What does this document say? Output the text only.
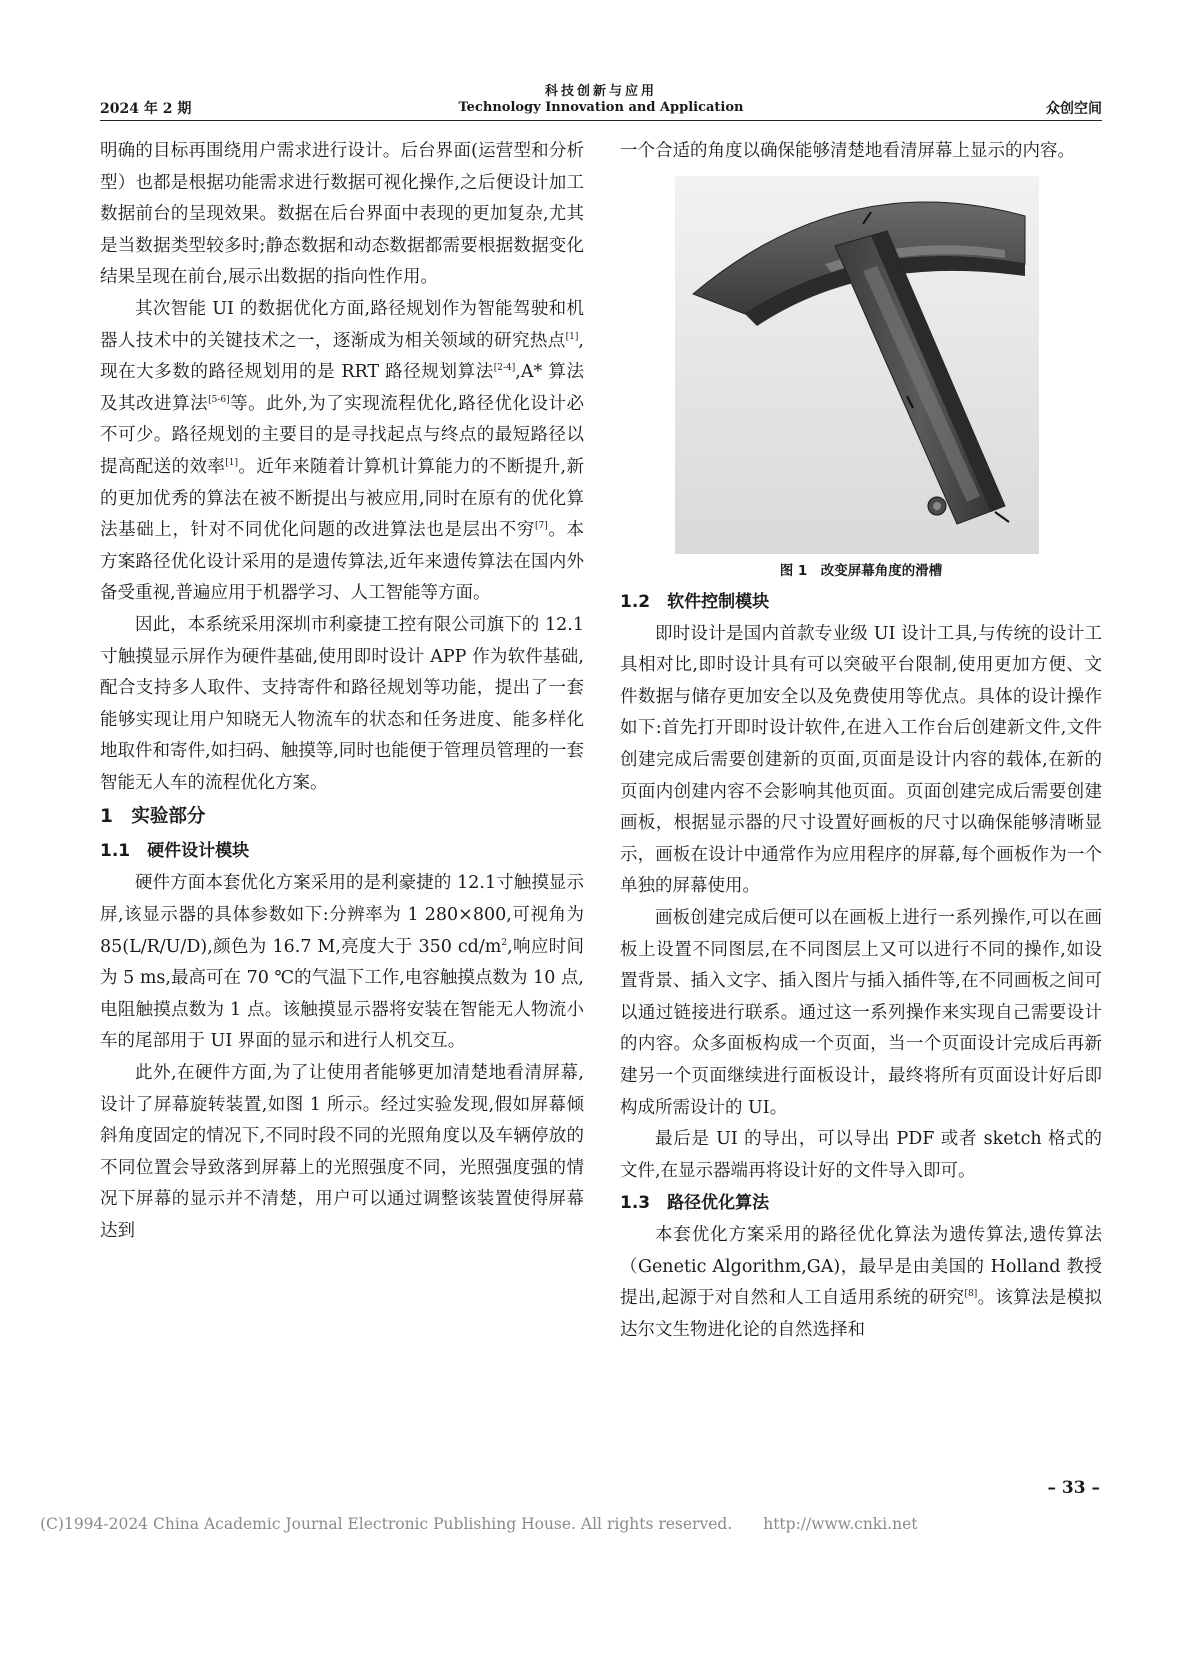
科技创新与应用
2024 年 2 期	Technology Innovation and Application	众创空间

明确的目标再围绕用户需求进行设计。后台界面(运营型和分析型）也都是根据功能需求进行数据可视化操作,之后便设计加工数据前台的呈现效果。数据在后台界面中表现的更加复杂,尤其是当数据类型较多时;静态数据和动态数据都需要根据数据变化结果呈现在前台,展示出数据的指向性作用。

其次智能 UI 的数据优化方面,路径规划作为智能驾驶和机器人技术中的关键技术之一，逐渐成为相关领域的研究热点[1],现在大多数的路径规划用的是 RRT 路径规划算法[2-4],A* 算法及其改进算法[5-6]等。此外,为了实现流程优化,路径优化设计必不可少。路径规划的主要目的是寻找起点与终点的最短路径以提高配送的效率[1]。近年来随着计算机计算能力的不断提升,新的更加优秀的算法在被不断提出与被应用,同时在原有的优化算法基础上，针对不同优化问题的改进算法也是层出不穷[7]。本方案路径优化设计采用的是遗传算法,近年来遗传算法在国内外备受重视,普遍应用于机器学习、人工智能等方面。

因此，本系统采用深圳市利豪捷工控有限公司旗下的 12.1 寸触摸显示屏作为硬件基础,使用即时设计 APP 作为软件基础,配合支持多人取件、支持寄件和路径规划等功能，提出了一套能够实现让用户知晓无人物流车的状态和任务进度、能多样化地取件和寄件,如扫码、触摸等,同时也能便于管理员管理的一套智能无人车的流程优化方案。

1　实验部分
1.1　硬件设计模块

硬件方面本套优化方案采用的是利豪捷的 12.1寸触摸显示屏,该显示器的具体参数如下:分辨率为 1 280×800,可视角为 85(L/R/U/D),颜色为 16.7 M,亮度大于 350 $cd/m^2$,响应时间为 5 ms,最高可在 70 ℃的气温下工作,电容触摸点数为 10 点,电阻触摸点数为 1 点。该触摸显示器将安装在智能无人物流小车的尾部用于 UI 界面的显示和进行人机交互。

此外,在硬件方面,为了让使用者能够更加清楚地看清屏幕,设计了屏幕旋转装置,如图 1 所示。经过实验发现,假如屏幕倾斜角度固定的情况下,不同时段不同的光照角度以及车辆停放的不同位置会导致落到屏幕上的光照强度不同，光照强度强的情况下屏幕的显示并不清楚，用户可以通过调整该装置使得屏幕达到

一个合适的角度以确保能够清楚地看清屏幕上显示的内容。

图 1　改变屏幕角度的滑槽
1.2　软件控制模块

即时设计是国内首款专业级 UI 设计工具,与传统的设计工具相对比,即时设计具有可以突破平台限制,使用更加方便、文件数据与储存更加安全以及免费使用等优点。具体的设计操作如下:首先打开即时设计软件,在进入工作台后创建新文件,文件创建完成后需要创建新的页面,页面是设计内容的载体,在新的页面内创建内容不会影响其他页面。页面创建完成后需要创建画板，根据显示器的尺寸设置好画板的尺寸以确保能够清晰显示，画板在设计中通常作为应用程序的屏幕,每个画板作为一个单独的屏幕使用。

画板创建完成后便可以在画板上进行一系列操作,可以在画板上设置不同图层,在不同图层上又可以进行不同的操作,如设置背景、插入文字、插入图片与插入插件等,在不同画板之间可以通过链接进行联系。通过这一系列操作来实现自己需要设计的内容。众多面板构成一个页面，当一个页面设计完成后再新建另一个页面继续进行面板设计，最终将所有页面设计好后即构成所需设计的 UI。

最后是 UI 的导出，可以导出 PDF 或者 sketch 格式的文件,在显示器端再将设计好的文件导入即可。

1.3　路径优化算法

本套优化方案采用的路径优化算法为遗传算法,遗传算法（Genetic Algorithm,GA)，最早是由美国的 Holland 教授提出,起源于对自然和人工自适用系统的研究[8]。该算法是模拟达尔文生物进化论的自然选择和

– 33 –
(C)1994-2024 China Academic Journal Electronic Publishing House. All rights reserved.　　http://www.cnki.net
